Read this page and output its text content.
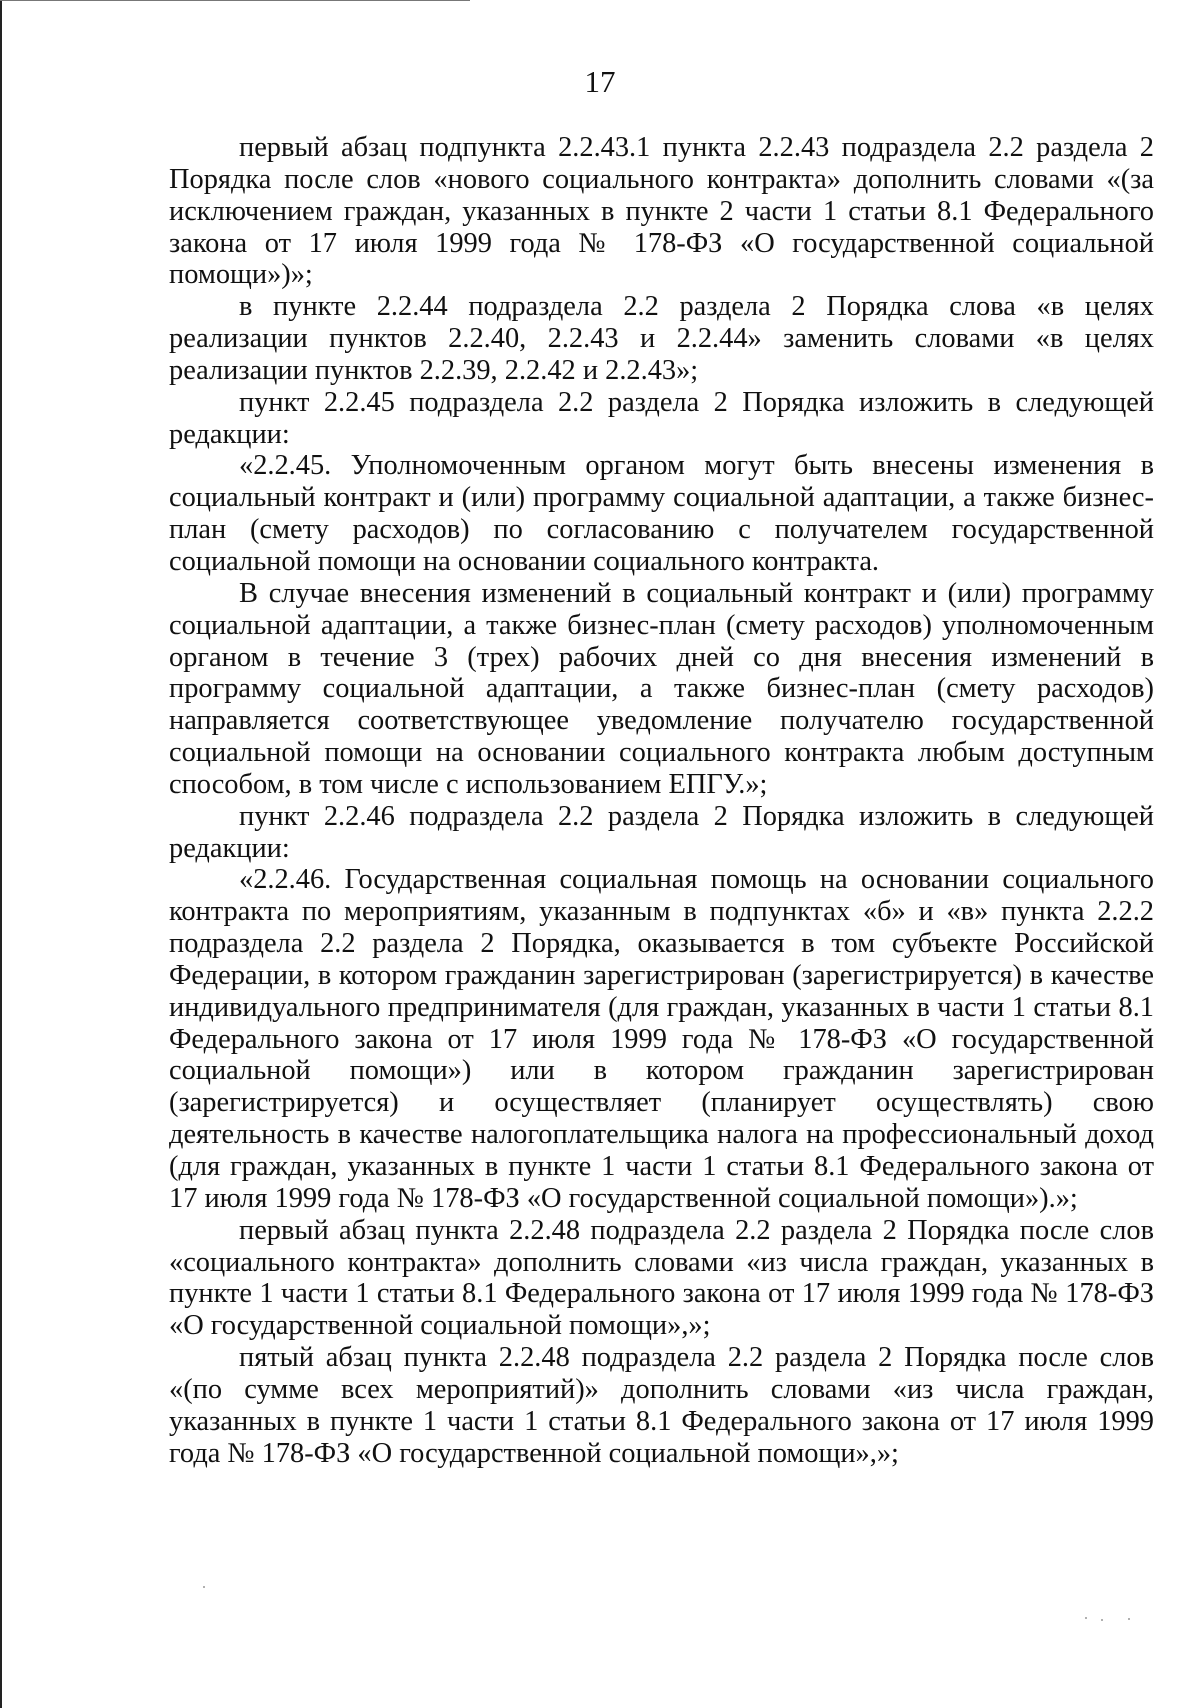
17

первый абзац подпункта 2.2.43.1 пункта 2.2.43 подраздела 2.2 раздела 2 Порядка после слов «нового социального контракта» дополнить словами «(за исключением граждан, указанных в пункте 2 части 1 статьи 8.1 Федерального закона от 17 июля 1999 года № 178-ФЗ «О государственной социальной помощи»)»;

в пункте 2.2.44 подраздела 2.2 раздела 2 Порядка слова «в целях реализации пунктов 2.2.40, 2.2.43 и 2.2.44» заменить словами «в целях реализации пунктов 2.2.39, 2.2.42 и 2.2.43»;

пункт 2.2.45 подраздела 2.2 раздела 2 Порядка изложить в следующей редакции:

«2.2.45. Уполномоченным органом могут быть внесены изменения в социальный контракт и (или) программу социальной адаптации, а также бизнес-план (смету расходов) по согласованию с получателем государственной социальной помощи на основании социального контракта.

В случае внесения изменений в социальный контракт и (или) программу социальной адаптации, а также бизнес-план (смету расходов) уполномоченным органом в течение 3 (трех) рабочих дней со дня внесения изменений в программу социальной адаптации, а также бизнес-план (смету расходов) направляется соответствующее уведомление получателю государственной социальной помощи на основании социального контракта любым доступным способом, в том числе с использованием ЕПГУ.»;

пункт 2.2.46 подраздела 2.2 раздела 2 Порядка изложить в следующей редакции:

«2.2.46. Государственная социальная помощь на основании социального контракта по мероприятиям, указанным в подпунктах «б» и «в» пункта 2.2.2 подраздела 2.2 раздела 2 Порядка, оказывается в том субъекте Российской Федерации, в котором гражданин зарегистрирован (зарегистрируется) в качестве индивидуального предпринимателя (для граждан, указанных в части 1 статьи 8.1 Федерального закона от 17 июля 1999 года № 178-ФЗ «О государственной социальной помощи») или в котором гражданин зарегистрирован (зарегистрируется) и осуществляет (планирует осуществлять) свою деятельность в качестве налогоплательщика налога на профессиональный доход (для граждан, указанных в пункте 1 части 1 статьи 8.1 Федерального закона от 17 июля 1999 года № 178-ФЗ «О государственной социальной помощи»).»;

первый абзац пункта 2.2.48 подраздела 2.2 раздела 2 Порядка после слов «социального контракта» дополнить словами «из числа граждан, указанных в пункте 1 части 1 статьи 8.1 Федерального закона от 17 июля 1999 года № 178-ФЗ «О государственной социальной помощи»,»;

пятый абзац пункта 2.2.48 подраздела 2.2 раздела 2 Порядка после слов «(по сумме всех мероприятий)» дополнить словами «из числа граждан, указанных в пункте 1 части 1 статьи 8.1 Федерального закона от 17 июля 1999 года № 178-ФЗ «О государственной социальной помощи»,»;
